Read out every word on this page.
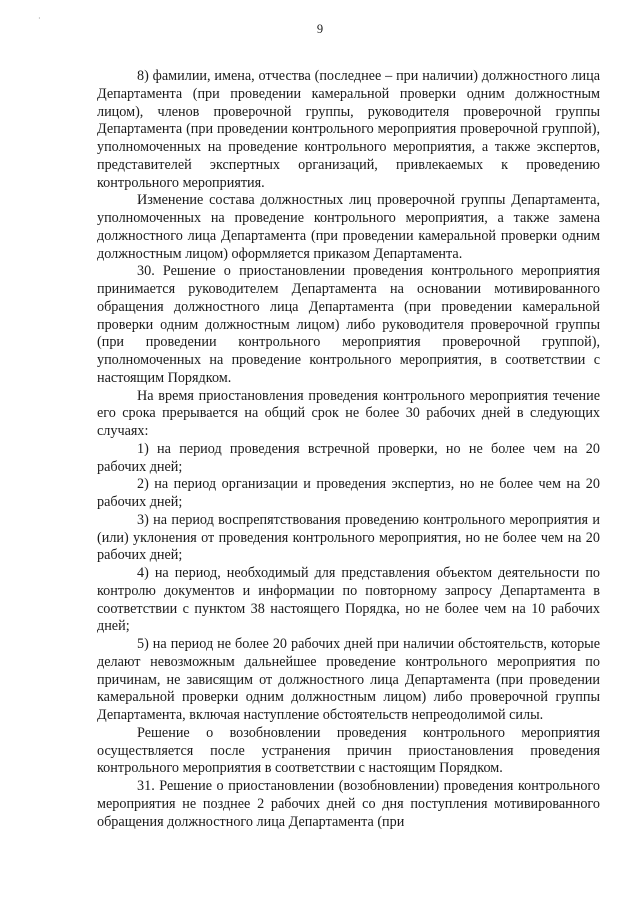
·
9

8) фамилии, имена, отчества (последнее – при наличии) должностного лица Департамента (при проведении камеральной проверки одним должностным лицом), членов проверочной группы, руководителя проверочной группы Департамента (при проведении контрольного мероприятия проверочной группой), уполномоченных на проведение контрольного мероприятия, а также экспертов, представителей экспертных организаций, привлекаемых к проведению контрольного мероприятия.

Изменение состава должностных лиц проверочной группы Департамента, уполномоченных на проведение контрольного мероприятия, а также замена должностного лица Департамента (при проведении камеральной проверки одним должностным лицом) оформляется приказом Департамента.

30. Решение о приостановлении проведения контрольного мероприятия принимается руководителем Департамента на основании мотивированного обращения должностного лица Департамента (при проведении камеральной проверки одним должностным лицом) либо руководителя проверочной группы (при проведении контрольного мероприятия проверочной группой), уполномоченных на проведение контрольного мероприятия, в соответствии с настоящим Порядком.

На время приостановления проведения контрольного мероприятия течение его срока прерывается на общий срок не более 30 рабочих дней в следующих случаях:

1) на период проведения встречной проверки, но не более чем на 20 рабочих дней;

2) на период организации и проведения экспертиз, но не более чем на 20 рабочих дней;

3) на период воспрепятствования проведению контрольного мероприятия и (или) уклонения от проведения контрольного мероприятия, но не более чем на 20 рабочих дней;

4) на период, необходимый для представления объектом деятельности по контролю документов и информации по повторному запросу Департамента в соответствии с пунктом 38 настоящего Порядка, но не более чем на 10 рабочих дней;

5) на период не более 20 рабочих дней при наличии обстоятельств, которые делают невозможным дальнейшее проведение контрольного мероприятия по причинам, не зависящим от должностного лица Департамента (при проведении камеральной проверки одним должностным лицом) либо проверочной группы Департамента, включая наступление обстоятельств непреодолимой силы.

Решение о возобновлении проведения контрольного мероприятия осуществляется после устранения причин приостановления проведения контрольного мероприятия в соответствии с настоящим Порядком.

31. Решение о приостановлении (возобновлении) проведения контрольного мероприятия не позднее 2 рабочих дней со дня поступления мотивированного обращения должностного лица Департамента (при
